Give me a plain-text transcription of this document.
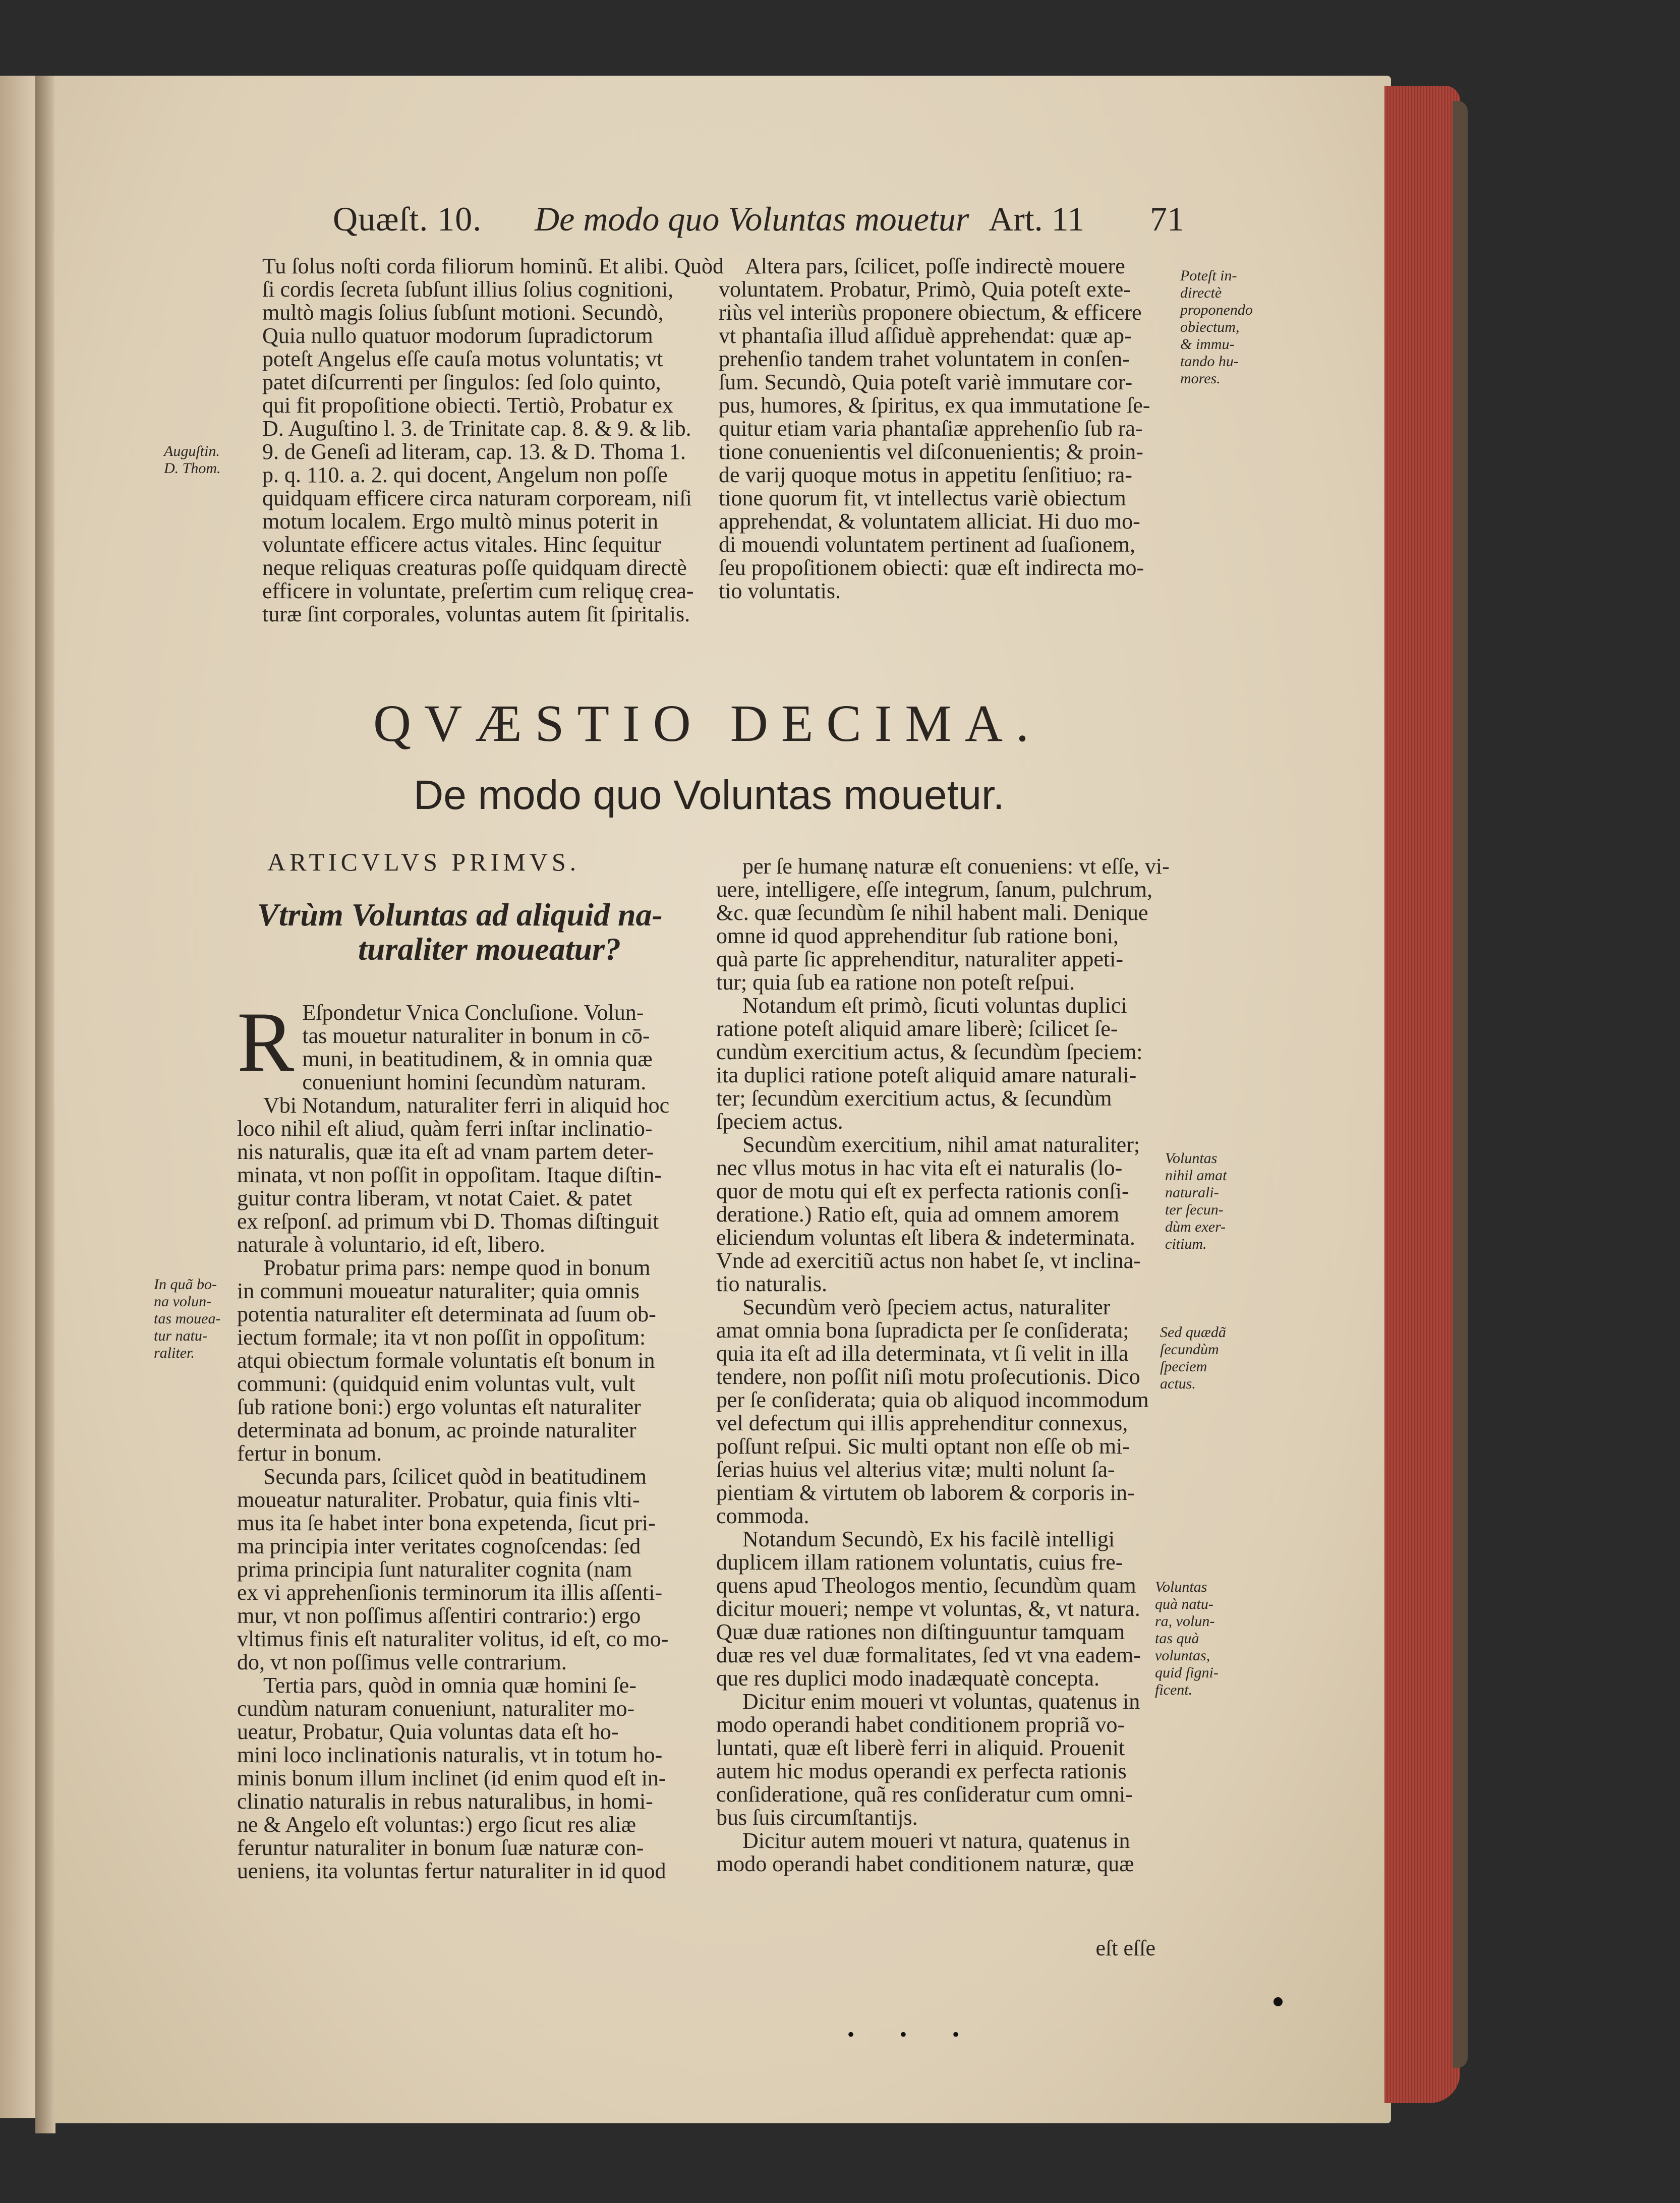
Quæſt. 10. De modo quo Voluntas mouetur Art. 11 71
Tu ſolus noſti corda filiorum hominũ. Et alibi. Quòd
ſi cordis ſecreta ſubſunt illius ſolius cognitioni,
multò magis ſolius ſubſunt motioni. Secundò,
Quia nullo quatuor modorum ſupradictorum
poteſt Angelus eſſe cauſa motus voluntatis; vt
patet diſcurrenti per ſingulos: ſed ſolo quinto,
qui fit propoſitione obiecti. Tertiò, Probatur ex
D. Auguſtino l. 3. de Trinitate cap. 8. & 9. & lib.
9. de Geneſi ad literam, cap. 13. & D. Thoma 1.
p. q. 110. a. 2. qui docent, Angelum non poſſe
quidquam efficere circa naturam corpoream, niſi
motum localem. Ergo multò minus poterit in
voluntate efficere actus vitales. Hinc ſequitur
neque reliquas creaturas poſſe quidquam directè
efficere in voluntate, preſertim cum reliquę crea-
turæ ſint corporales, voluntas autem ſit ſpiritalis.
Altera pars, ſcilicet, poſſe indirectè mouere
voluntatem. Probatur, Primò, Quia poteſt exte-
riùs vel interiùs proponere obiectum, & efficere
vt phantaſia illud aſſiduè apprehendat: quæ ap-
prehenſio tandem trahet voluntatem in conſen-
ſum. Secundò, Quia poteſt variè immutare cor-
pus, humores, & ſpiritus, ex qua immutatione ſe-
quitur etiam varia phantaſiæ apprehenſio ſub ra-
tione conuenientis vel diſconuenientis; & proin-
de varij quoque motus in appetitu ſenſitiuo; ra-
tione quorum fit, vt intellectus variè obiectum
apprehendat, & voluntatem alliciat. Hi duo mo-
di mouendi voluntatem pertinent ad ſuaſionem,
ſeu propoſitionem obiecti: quæ eſt indirecta mo-
tio voluntatis.
QVÆSTIO DECIMA.
De modo quo Voluntas mouetur.
ARTICVLVS PRIMVS.
Vtrùm Voluntas ad aliquid na-
turaliter moueatur?
R Eſpondetur Vnica Concluſione. Volun-
tas mouetur naturaliter in bonum in cō-
muni, in beatitudinem, & in omnia quæ
conueniunt homini ſecundùm naturam.
Vbi Notandum, naturaliter ferri in aliquid hoc
loco nihil eſt aliud, quàm ferri inſtar inclinatio-
nis naturalis, quæ ita eſt ad vnam partem deter-
minata, vt non poſſit in oppoſitam. Itaque diſtin-
guitur contra liberam, vt notat Caiet. & patet
ex reſponſ. ad primum vbi D. Thomas diſtinguit
naturale à voluntario, id eſt, libero.
Probatur prima pars: nempe quod in bonum
in communi moueatur naturaliter; quia omnis
potentia naturaliter eſt determinata ad ſuum ob-
iectum formale; ita vt non poſſit in oppoſitum:
atqui obiectum formale voluntatis eſt bonum in
communi: (quidquid enim voluntas vult, vult
ſub ratione boni:) ergo voluntas eſt naturaliter
determinata ad bonum, ac proinde naturaliter
fertur in bonum.
Secunda pars, ſcilicet quòd in beatitudinem
moueatur naturaliter. Probatur, quia finis vlti-
mus ita ſe habet inter bona expetenda, ſicut pri-
ma principia inter veritates cognoſcendas: ſed
prima principia ſunt naturaliter cognita (nam
ex vi apprehenſionis terminorum ita illis aſſenti-
mur, vt non poſſimus aſſentiri contrario:) ergo
vltimus finis eſt naturaliter volitus, id eſt, co mo-
do, vt non poſſimus velle contrarium.
Tertia pars, quòd in omnia quæ homini ſe-
cundùm naturam conueniunt, naturaliter mo-
ueatur, Probatur, Quia voluntas data eſt ho-
mini loco inclinationis naturalis, vt in totum ho-
minis bonum illum inclinet (id enim quod eſt in-
clinatio naturalis in rebus naturalibus, in homi-
ne & Angelo eſt voluntas:) ergo ſicut res aliæ
feruntur naturaliter in bonum ſuæ naturæ con-
ueniens, ita voluntas fertur naturaliter in id quod
per ſe humanę naturæ eſt conueniens: vt eſſe, vi-
uere, intelligere, eſſe integrum, ſanum, pulchrum,
&c. quæ ſecundùm ſe nihil habent mali. Denique
omne id quod apprehenditur ſub ratione boni,
quà parte ſic apprehenditur, naturaliter appeti-
tur; quia ſub ea ratione non poteſt reſpui.
Notandum eſt primò, ſicuti voluntas duplici
ratione poteſt aliquid amare liberè; ſcilicet ſe-
cundùm exercitium actus, & ſecundùm ſpeciem:
ita duplici ratione poteſt aliquid amare naturali-
ter; ſecundùm exercitium actus, & ſecundùm
ſpeciem actus.
Secundùm exercitium, nihil amat naturaliter;
nec vllus motus in hac vita eſt ei naturalis (lo-
quor de motu qui eſt ex perfecta rationis conſi-
deratione.) Ratio eſt, quia ad omnem amorem
eliciendum voluntas eſt libera & indeterminata.
Vnde ad exercitiũ actus non habet ſe, vt inclina-
tio naturalis.
Secundùm verò ſpeciem actus, naturaliter
amat omnia bona ſupradicta per ſe conſiderata;
quia ita eſt ad illa determinata, vt ſi velit in illa
tendere, non poſſit niſi motu proſecutionis. Dico
per ſe conſiderata; quia ob aliquod incommodum
vel defectum qui illis apprehenditur connexus,
poſſunt reſpui. Sic multi optant non eſſe ob mi-
ſerias huius vel alterius vitæ; multi nolunt ſa-
pientiam & virtutem ob laborem & corporis in-
commoda.
Notandum Secundò, Ex his facilè intelligi
duplicem illam rationem voluntatis, cuius fre-
quens apud Theologos mentio, ſecundùm quam
dicitur moueri; nempe vt voluntas, &, vt natura.
Quæ duæ rationes non diſtinguuntur tamquam
duæ res vel duæ formalitates, ſed vt vna eadem-
que res duplici modo inadæquatè concepta.
Dicitur enim moueri vt voluntas, quatenus in
modo operandi habet conditionem propriã vo-
luntati, quæ eſt liberè ferri in aliquid. Prouenit
autem hic modus operandi ex perfecta rationis
conſideratione, quã res conſideratur cum omni-
bus ſuis circumſtantijs.
Dicitur autem moueri vt natura, quatenus in
modo operandi habet conditionem naturæ, quæ
Poteſt in-
directè
proponendo
obiectum,
& immu-
tando hu-
mores.
Auguſtin.
D. Thom.
In quã bo-
na volun-
tas mouea-
tur natu-
raliter.
Voluntas
nihil amat
naturali-
ter ſecun-
dùm exer-
citium.
Sed quædã
ſecundùm
ſpeciem
actus.
Voluntas
quà natu-
ra, volun-
tas quà
voluntas,
quid ſigni-
ficent.
eſt eſſe
• • •
